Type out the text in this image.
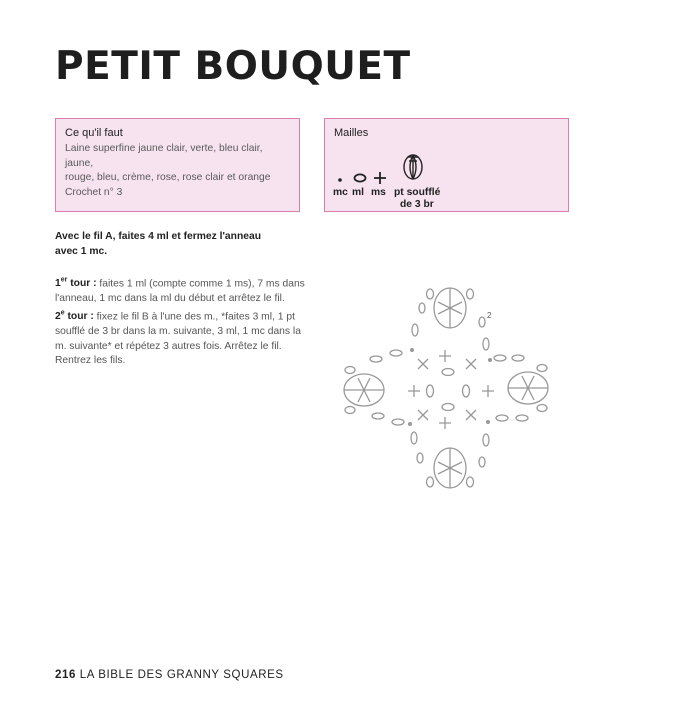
PETIT BOUQUET
Ce qu'il faut
Laine superfine jaune clair, verte, bleu clair, jaune,
rouge, bleu, crème, rose, rose clair et orange
Crochet n° 3
Mailles
mc ml ms pt soufflé
de 3 br

Avec le fil A, faites 4 ml et fermez l'anneau
avec 1 mc.

1er tour : faites 1 ml (compte comme 1 ms), 7 ms dans l'anneau, 1 mc dans la ml du début et arrêtez le fil.

2e tour : fixez le fil B à l'une des m., *faites 3 ml, 1 pt soufflé de 3 br dans la m. suivante, 3 ml, 1 mc dans la m. suivante* et répétez 3 autres fois. Arrêtez le fil. Rentrez les fils.

2
216 LA BIBLE DES GRANNY SQUARES
